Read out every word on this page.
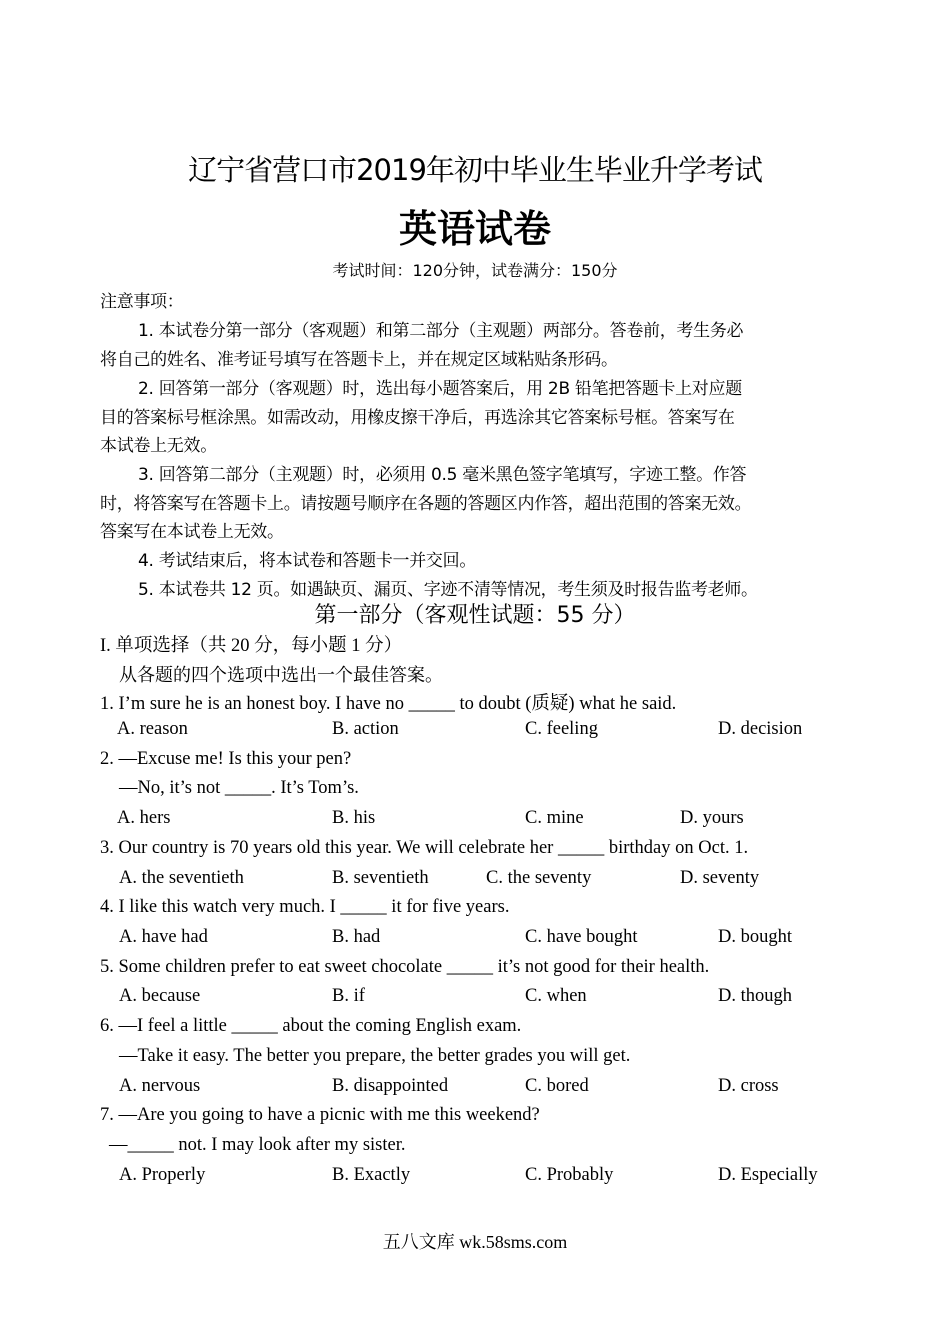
辽宁省营口市2019年初中毕业生毕业升学考试
英语试卷
考试时间：120分钟，试卷满分：150分
注意事项：
1. 本试卷分第一部分（客观题）和第二部分（主观题）两部分。答卷前，考生务必
将自己的姓名、准考证号填写在答题卡上，并在规定区域粘贴条形码。
2. 回答第一部分（客观题）时，选出每小题答案后，用 2B 铅笔把答题卡上对应题
目的答案标号框涂黑。如需改动，用橡皮擦干净后，再选涂其它答案标号框。答案写在
本试卷上无效。
3. 回答第二部分（主观题）时，必须用 0.5 毫米黑色签字笔填写，字迹工整。作答
时，将答案写在答题卡上。请按题号顺序在各题的答题区内作答，超出范围的答案无效。
答案写在本试卷上无效。
4. 考试结束后，将本试卷和答题卡一并交回。
5. 本试卷共 12 页。如遇缺页、漏页、字迹不清等情况，考生须及时报告监考老师。
第一部分（客观性试题：55 分）
I. 单项选择（共 20 分，每小题 1 分）
从各题的四个选项中选出一个最佳答案。
1. I’m sure he is an honest boy. I have no _____ to doubt (质疑) what he said.
A. reason	B. action	C. feeling	D. decision
2. —Excuse me! Is this your pen?
—No, it’s not _____. It’s Tom’s.
A. hers	B. his	C. mine	D. yours
3. Our country is 70 years old this year. We will celebrate her _____ birthday on Oct. 1.
A. the seventieth	B. seventieth	C. the seventy	D. seventy
4. I like this watch very much. I _____ it for five years.
A. have had	B. had	C. have bought	D. bought
5. Some children prefer to eat sweet chocolate _____ it’s not good for their health.
A. because	B. if	C. when	D. though
6. —I feel a little _____ about the coming English exam.
—Take it easy. The better you prepare, the better grades you will get.
A. nervous	B. disappointed	C. bored	D. cross
7. —Are you going to have a picnic with me this weekend?
—_____ not. I may look after my sister.
A. Properly	B. Exactly	C. Probably	D. Especially
五八文库 wk.58sms.com
